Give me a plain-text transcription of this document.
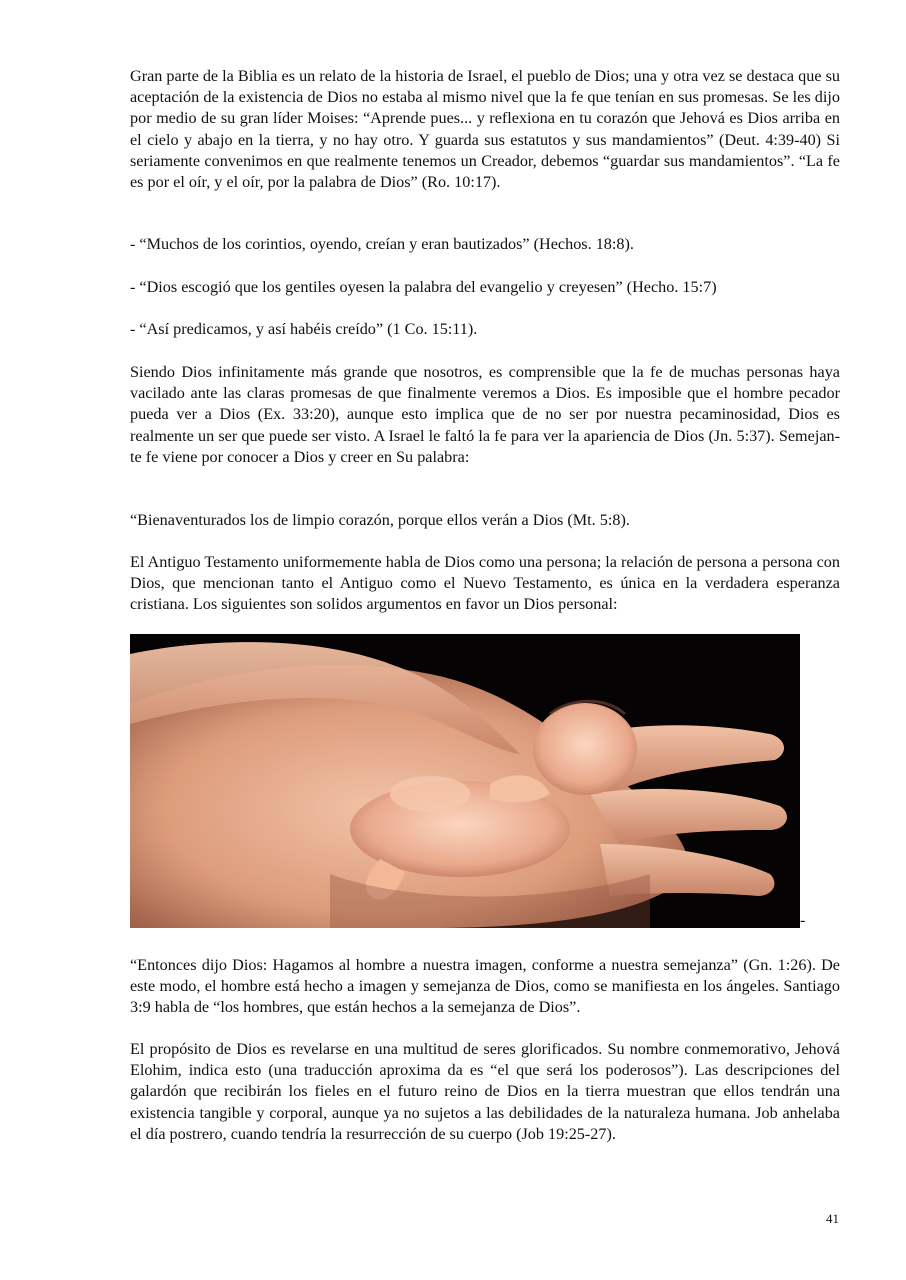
Gran parte de la Biblia es un relato de la historia de Israel, el pueblo de Dios; una y otra vez se destaca que su aceptación de la existencia de Dios no estaba al mismo nivel que la fe que tenían en sus promesas. Se les dijo por medio de su gran líder Moises: “Aprende pues... y reflexiona en tu corazón que Jehová es Dios arriba en el cielo y abajo en la tierra, y no hay otro. Y guarda sus estatutos y sus mandamientos” (Deut. 4:39-40) Si seriamente convenimos en que realmente tenemos un Creador, debemos “guardar sus mandamientos”. “La fe es por el oír, y el oír, por la palabra de Dios” (Ro. 10:17).

- “Muchos de los corintios, oyendo, creían y eran bautizados” (Hechos. 18:8).

- “Dios escogió que los gentiles oyesen la palabra del evangelio y creyesen” (Hecho. 15:7)

- “Así predicamos, y así habéis creído” (1 Co. 15:11).

Siendo Dios infinitamente más grande que nosotros, es comprensible que la fe de muchas personas haya vacilado ante las claras promesas de que finalmente veremos a Dios. Es imposible que el hombre pecador pueda ver a Dios (Ex. 33:20), aunque esto implica que de no ser por nuestra pecaminosidad, Dios es realmente un ser que puede ser visto. A Israel le faltó la fe para ver la apariencia de Dios (Jn. 5:37). Semejan- te fe viene por conocer a Dios y creer en Su palabra:

“Bienaventurados los de limpio corazón, porque ellos verán a Dios (Mt. 5:8).

El Antiguo Testamento uniformemente habla de Dios como una persona; la relación de persona a persona con Dios, que mencionan tanto el Antiguo como el Nuevo Testamento, es única en la verdadera esperanza cristiana. Los siguientes son solidos argumentos en favor un Dios personal:

-

“Entonces dijo Dios: Hagamos al hombre a nuestra imagen, conforme a nuestra semejanza” (Gn. 1:26). De este modo, el hombre está hecho a imagen y semejanza de Dios, como se manifiesta en los ángeles. Santiago 3:9 habla de “los hombres, que están hechos a la semejanza de Dios”.

El propósito de Dios es revelarse en una multitud de seres glorificados. Su nombre conmemorativo, Jehová Elohim, indica esto (una traducción aproxima da es “el que será los poderosos”). Las descripciones del galardón que recibirán los fieles en el futuro reino de Dios en la tierra muestran que ellos tendrán una existencia tangible y corporal, aunque ya no sujetos a las debilidades de la naturaleza humana. Job anhelaba el día postrero, cuando tendría la resurrección de su cuerpo (Job 19:25-27).

41
